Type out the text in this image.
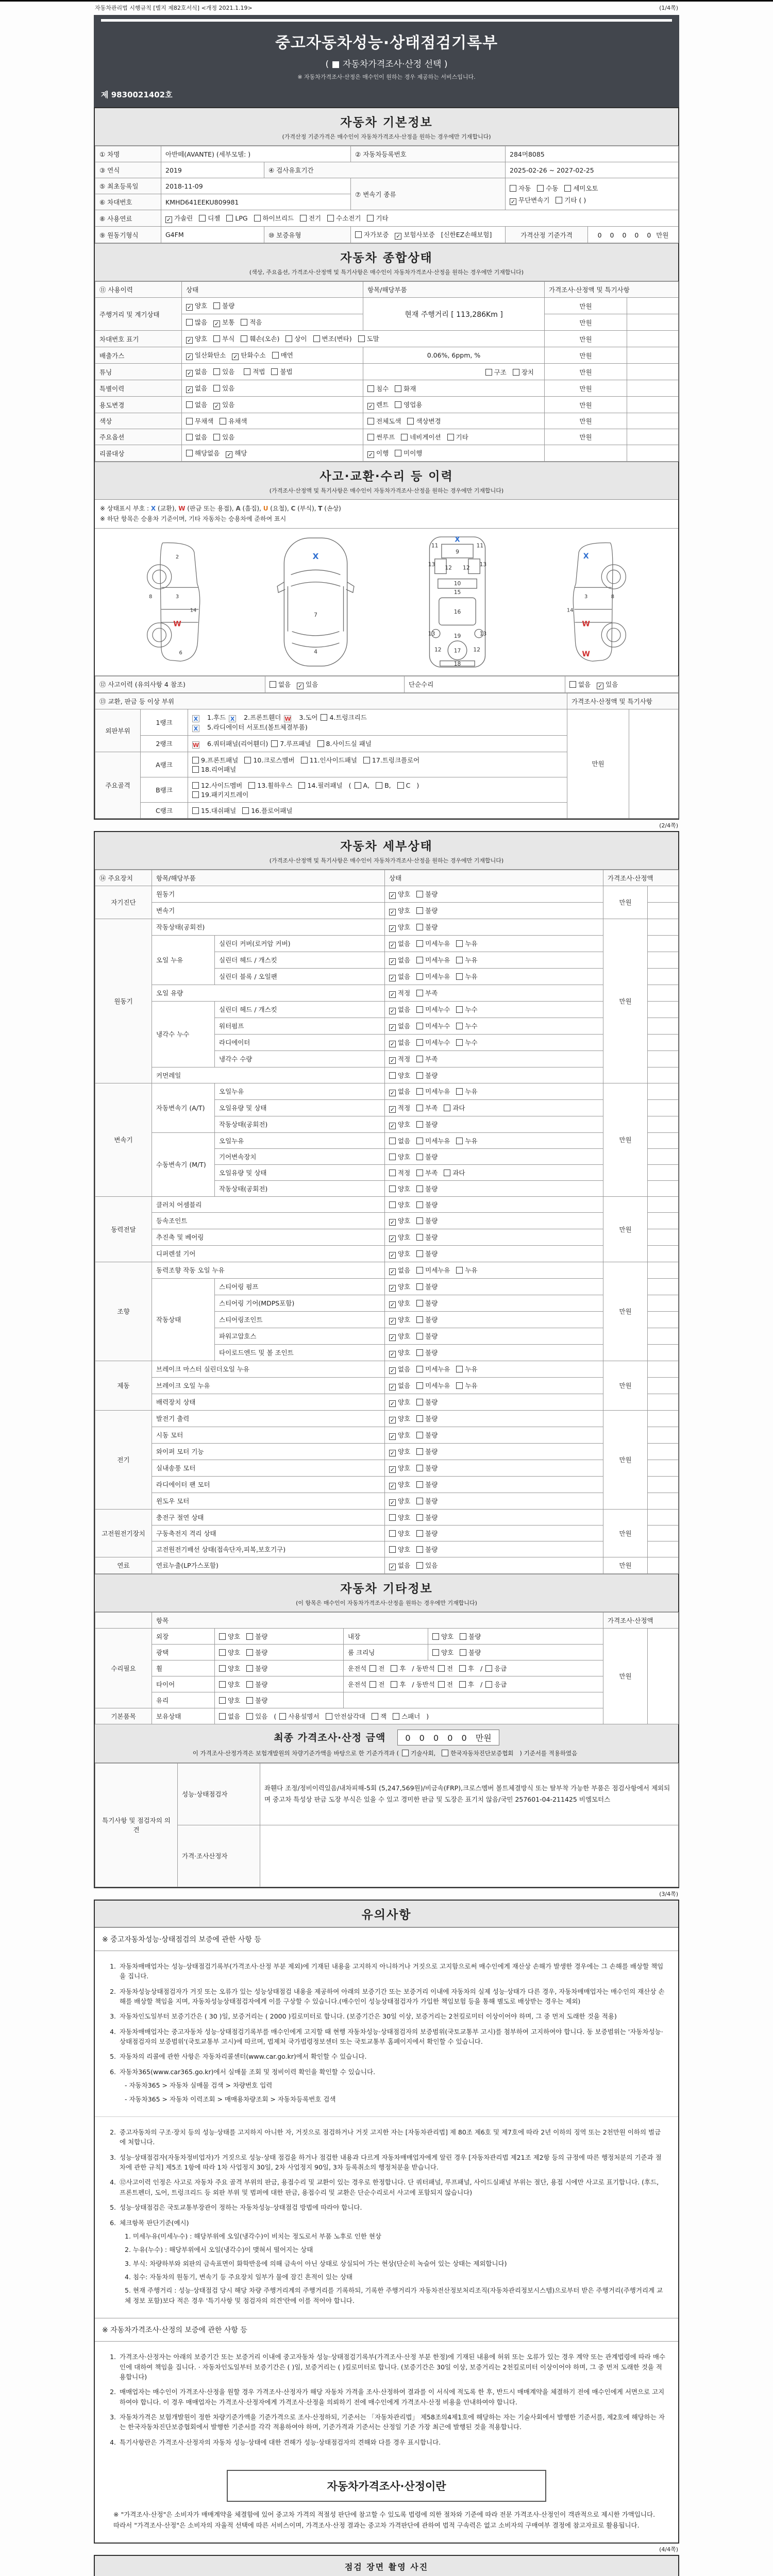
자동차관리법 시행규칙 [별지 제82호서식] <개정 2021.1.19>	(1/4쪽)
중고자동차성능·상태점검기록부
( ■ 자동차가격조사·산정 선택 )
※ 자동차가격조사·산정은 매수인이 원하는 경우 제공하는 서비스입니다.
제 9830021402호
자동차 기본정보
(가격산정 기준가격은 매수인이 자동차가격조사·산정을 원하는 경우에만 기재합니다)
① 차명	아반떼(AVANTE) (세부모델: )		② 자동차등록번호	284머8085	
③ 연식	2019	④ 검사유효기간		2025-02-26 ~ 2027-02-25	
⑤ 최초등록일	2018-11-09		⑦ 변속기 종류	자동 수동 세미오토
✓ 무단변속기 기타 ( )	

⑥ 차대번호	KMHD641EEKU809981				
⑧ 사용연료	✓ 가솔린 디젤 LPG 하이브리드 전기 수소전기 기타				
⑨ 원동기형식	G4FM	⑩ 보증유형	자가보증 ✓ 보험사보증 [신한EZ손해보험]	가격산정 기준가격	0 0 0 0 0 만원
자동차 종합상태
(색상, 주요옵션, 가격조사·산정액 및 특기사항은 매수인이 자동차가격조사·산정을 원하는 경우에만 기재합니다)
⑪ 사용이력	상태	항목/해당부품	가격조사·산정액 및 특기사항	
주행거리 및 계기상태	✓ 양호 불량	현재 주행거리 [ 113,286Km ]	만원	
	많음 ✓ 보통 적음		만원	
차대번호 표기	✓ 양호 부식 훼손(오손) 상이 변조(변타) 도말		만원	
배출가스	✓ 일산화탄소 ✓ 탄화수소 매연	0.06%, 6ppm, %	만원	
튜닝	✓ 없음 있음 적법 불법	구조 장치	만원	
특별이력	✓ 없음 있음	침수 화재	만원	
용도변경	없음 ✓ 있음	✓ 렌트 영업용	만원	
색상	무채색 유채색	전체도색 색상변경	만원	
주요옵션	없음 있음	썬루프 네비게이션 기타	만원	
리콜대상	해당없음 ✓ 해당	✓ 이행 미이행		
사고·교환·수리 등 이력
(가격조사·산정액 및 특기사항은 매수인이 자동차가격조사·산정을 원하는 경우에만 기재합니다)
※ 상태표시 부호 : X (교환), W (판금 또는 용접), A (흠집), U (요철), C (부식), T (손상)
※ 하단 항목은 승용차 기준이며, 기타 자동차는 승용차에 준하여 표시
2
8	3
14
W
6
X
7
4
X
11	11
9
13 12 12 13
10
15
16
13	19	13
12 17 12
18
X
3	8
14
W
W
⑫ 사고이력 (유의사항 4 참조)	없음 ✓ 있음	단순수리	없음 ✓ 있음
⑬ 교환, 판금 등 이상 부위			가격조사·산정액 및 특기사항	
외판부위	1랭크	X 1.후드 X 2.프론트휀더 W 3.도어 4.트렁크리드
X 5.라디에이터 서포트(볼트체결부품)	만원	
	2랭크	W 6.쿼터패널(리어휀더) 7.루프패널 8.사이드실 패널		
주요골격	A랭크	9.프론트패널 10.크로스멤버 11.인사이드패널 17.트렁크플로어
18.리어패널		
	B랭크	12.사이드멤버 13.휠하우스 14.필러패널 ( A, B, C )
19.패키지트레이		
	C랭크	15.대쉬패널 16.플로어패널		
(2/4쪽)
자동차 세부상태
(가격조사·산정액 및 특기사항은 매수인이 자동차가격조사·산정을 원하는 경우에만 기재합니다)
⑭ 주요장치	항목/해당부품		상태	가격조사·산정액	
자기진단	원동기		✓ 양호 불량	만원	
	변속기		✓ 양호 불량		
원동기	작동상태(공회전)		✓ 양호 불량	만원	
	오일 누유	실린더 커버(로커암 커버)	✓ 없음 미세누유 누유		
		실린더 헤드 / 개스킷	✓ 없음 미세누유 누유		
		실린더 블록 / 오일팬	✓ 없음 미세누유 누유		
	오일 유량		✓ 적정 부족		
	냉각수 누수	실린더 헤드 / 개스킷	✓ 없음 미세누수 누수		
		워터펌프	✓ 없음 미세누수 누수		
		라디에이터	✓ 없음 미세누수 누수		
		냉각수 수량	✓ 적정 부족		
	커먼레일		양호 불량		
변속기	자동변속기 (A/T)	오일누유	✓ 없음 미세누유 누유	만원	
		오일유량 및 상태	✓ 적정 부족 과다		
		작동상태(공회전)	✓ 양호 불량		
	수동변속기 (M/T)	오일누유	없음 미세누유 누유		
		기어변속장치	양호 불량		
		오일유량 및 상태	적정 부족 과다		
		작동상태(공회전)	양호 불량		
동력전달	클러치 어셈블리		양호 불량	만원	
	등속조인트		✓ 양호 불량		
	추진축 및 베어링		✓ 양호 불량		
	디퍼렌셜 기어		✓ 양호 불량		
조향	동력조향 작동 오일 누유		✓ 없음 미세누유 누유	만원	
	작동상태	스티어링 펌프	✓ 양호 불량		
		스티어링 기어(MDPS포함)	✓ 양호 불량		
		스티어링조인트	✓ 양호 불량		
		파워고압호스	✓ 양호 불량		
		타이로드엔드 및 볼 조인트	✓ 양호 불량		
제동	브레이크 마스터 실린더오일 누유		✓ 없음 미세누유 누유	만원	
	브레이크 오일 누유		✓ 없음 미세누유 누유		
	배력장치 상태		✓ 양호 불량		
전기	발전기 출력		✓ 양호 불량	만원	
	시동 모터		✓ 양호 불량		
	와이퍼 모터 기능		✓ 양호 불량		
	실내송풍 모터		✓ 양호 불량		
	라디에이터 팬 모터		✓ 양호 불량		
	윈도우 모터		✓ 양호 불량		
고전원전기장치	충전구 절연 상태		양호 불량	만원	
	구동축전지 격리 상태		양호 불량		
	고전원전기배선 상태(접속단자,피복,보호기구)		양호 불량		
연료	연료누출(LP가스포함)		✓ 없음 있음	만원	
자동차 기타정보
(이 항목은 매수인이 자동차가격조사·산정을 원하는 경우에만 기재합니다)
	항목				가격조사·산정액	
수리필요	외장	양호 불량	내장	양호 불량	만원	
	광택	양호 불량	룸 크리닝	양호 불량		
	휠	양호 불량	운전석 전 후 / 동반석 전 후 / 응급			
	타이어	양호 불량	운전석 전 후 / 동반석 전 후 / 응급			
	유리	양호 불량				
기본품목	보유상태	없음 있음 ( 사용설명서 안전삼각대 잭 스패너 )				
최종 가격조사·산정 금액 0 0 0 0 0 만원
이 가격조사·산정가격은 보험개발원의 차량기준가액을 바탕으로 한 기준가격과 ( 기술사회,	한국자동차진단보증협회 ) 기준서를 적용하였음
특기사항 및 점검자의 의견	성능·상태점검자	좌휀다 조정/정비이력있음/내차피해-5회 (5,247,569원)/비금속(FRP),크로스멤버 볼트체결방식 또는 탈부착 가능한 부품은 점검사항에서 제외되며 중고차 특성상 판금 도장 부식은 있을 수 있고 경미한 판금 및 도장은 표기치 않음/국민 257601-04-211425 비엠모터스
	가격·조사산정자	
(3/4쪽)
유의사항
※ 중고자동차성능·상태점검의 보증에 관한 사항 등
1. 자동차매매업자는 성능·상태점검기록부(가격조사·산정 부분 제외)에 기재된 내용을 고지하지 아니하거나 거짓으로 고지함으로써 매수인에게 재산상 손해가 발생한 경우에는 그 손해를 배상할 책임을 집니다.
2. 자동차성능상태점검자가 거짓 또는 오류가 있는 성능상태점검 내용을 제공하여 아래의 보증기간 또는 보증거리 이내에 자동차의 실제 성능·상태가 다른 경우, 자동차매매업자는 매수인의 재산상 손해를 배상할 책임을 지며, 자동차성능상태점검자에게 이를 구상할 수 있습니다.(매수인이 성능상태점검자가 가입한 책임보험 등을 통해 별도로 배상받는 경우는 제외)
3. 자동차인도일부터 보증기간은 ( 30 )일, 보증거리는 ( 2000 )킬로미터로 합니다. (보증기간은 30일 이상, 보증거리는 2천킬로미터 이상이어야 하며, 그 중 먼저 도래한 것을 적용)
4. 자동차매매업자는 중고자동차 성능·상태점검기록부를 매수인에게 고지할 때 현행 자동차성능·상태점검자의 보증범위(국토교통부 고시)를 첨부하여 고지하여야 합니다. 동 보증범위는 '자동차성능·상태점검자의 보증범위'(국토교통부 고시)에 따르며, 법제처 국가법령정보센터 또는 국토교통부 홈페이지에서 확인할 수 있습니다.
5. 자동차의 리콜에 관한 사항은 자동차리콜센터(www.car.go.kr)에서 확인할 수 있습니다.
6. 자동차365(www.car365.go.kr)에서 실매물 조회 및 정비이력 확인을 확인할 수 있습니다.
- 자동차365 > 자동차 실매물 검색 > 차량번호 입력
- 자동차365 > 자동차 이력조회 > 매매용차량조회 > 자동차등록번호 검색
2. 중고자동차의 구조·장치 등의 성능·상태를 고지하지 아니한 자, 거짓으로 점검하거나 거짓 고지한 자는 [자동차관리법] 제 80조 제6호 및 제7호에 따라 2년 이하의 징역 또는 2천만원 이하의 벌금에 처합니다.
3. 성능·상태점검자(자동차정비업자)가 거짓으로 성능·상태 점검을 하거나 점검한 내용과 다르게 자동차매매업자에게 알린 경우 [자동차관리법 제21조 제2항 등의 규정에 따른 행정처분의 기준과 절차에 관한 규칙] 제5조 1항에 따라 1차 사업정지 30일, 2차 사업정지 90일, 3차 등록취소의 행정처분을 받습니다.
4. ⑫사고이력 인정은 사고로 자동차 주요 골격 부위의 판금, 용접수리 및 교환이 있는 경우로 한정합니다. 단 쿼터패널, 루프패널, 사이드실패널 부위는 절단, 용접 시에만 사고로 표기합니다. (후드, 프론트펜더, 도어, 트렁크리드 등 외판 부위 및 범퍼에 대한 판금, 용접수리 및 교환은 단순수리로서 사고에 포함되지 않습니다)
5. 성능·상태점검은 국토교통부장관이 정하는 자동차성능·상태점검 방법에 따라야 합니다.
6. 체크항목 판단기준(예시)
1. 미세누유(미세누수) : 해당부위에 오일(냉각수)이 비치는 정도로서 부품 노후로 인한 현상
2. 누유(누수) : 해당부위에서 오일(냉각수)이 맺혀서 떨어지는 상태
3. 부식: 차량하부와 외판의 금속표면이 화학반응에 의해 금속이 아닌 상태로 상실되어 가는 현상(단순히 녹슬어 있는 상태는 제외합니다)
4. 침수: 자동차의 원동기, 변속기 등 주요장치 일부가 물에 잠긴 흔적이 있는 상태
5. 현재 주행거리 : 성능·상태점검 당시 해당 차량 주행거리계의 주행거리를 기록하되, 기록한 주행거리가 자동차전산정보처리조직(자동차관리정보시스템)으로부터 받은 주행거리(주행거리계 교체 정보 포함)보다 적은 경우 '특기사항 및 점검자의 의견'란에 이를 적어야 합니다.
※ 자동차가격조사·산정의 보증에 관한 사항 등
1. 가격조사·산정자는 아래의 보증기간 또는 보증거리 이내에 중고자동차 성능·상태점검기록부(가격조사·산정 부분 한정)에 기재된 내용에 허위 또는 오류가 있는 경우 계약 또는 관계법령에 따라 매수인에 대하여 책임을 집니다. · 자동차인도일부터 보증기간은 ( )일, 보증거리는 ( )킬로미터로 합니다. (보증기간은 30일 이상, 보증거리는 2천킬로미터 이상이어야 하며, 그 중 먼저 도래한 것을 적용합니다)
2. 매매업자는 매수인이 가격조사·산정을 원할 경우 가격조사·산정자가 해당 자동차 가격을 조사·산정하여 결과를 이 서식에 적도록 한 후, 반드시 매매계약을 체결하기 전에 매수인에게 서면으로 고지하여야 합니다. 이 경우 매매업자는 가격조사·산정자에게 가격조사·산정을 의뢰하기 전에 매수인에게 가격조사·산정 비용을 안내하여야 합니다.
3. 자동차가격은 보험개발원이 정한 차량기준가액을 기준가격으로 조사·산정하되, 기준서는 「자동차관리법」 제58조의4제1호에 해당하는 자는 기술사회에서 발행한 기준서를, 제2호에 해당하는 자는 한국자동차진단보증협회에서 발행한 기준서를 각각 적용하여야 하며, 기준가격과 기준서는 산정일 기준 가장 최근에 발행된 것을 적용합니다.
4. 특기사항란은 가격조사·산정자의 자동차 성능·상태에 대한 견해가 성능·상태점검자의 견해와 다를 경우 표시합니다.
자동차가격조사·산정이란
※ "가격조사·산정"은 소비자가 매매계약을 체결함에 있어 중고차 가격의 적절성 판단에 참고할 수 있도록 법령에 의한 절차와 기준에 따라 전문 가격조사·산정인이 객관적으로 제시한 가액입니다. 따라서 "가격조사·산정"은 소비자의 자율적 선택에 따른 서비스이며, 가격조사·산정 결과는 중고차 가격판단에 관하여 법적 구속력은 없고 소비자의 구매여부 결정에 참고자료로 활용됩니다.
(4/4쪽)
점검 장면 촬영 사진
